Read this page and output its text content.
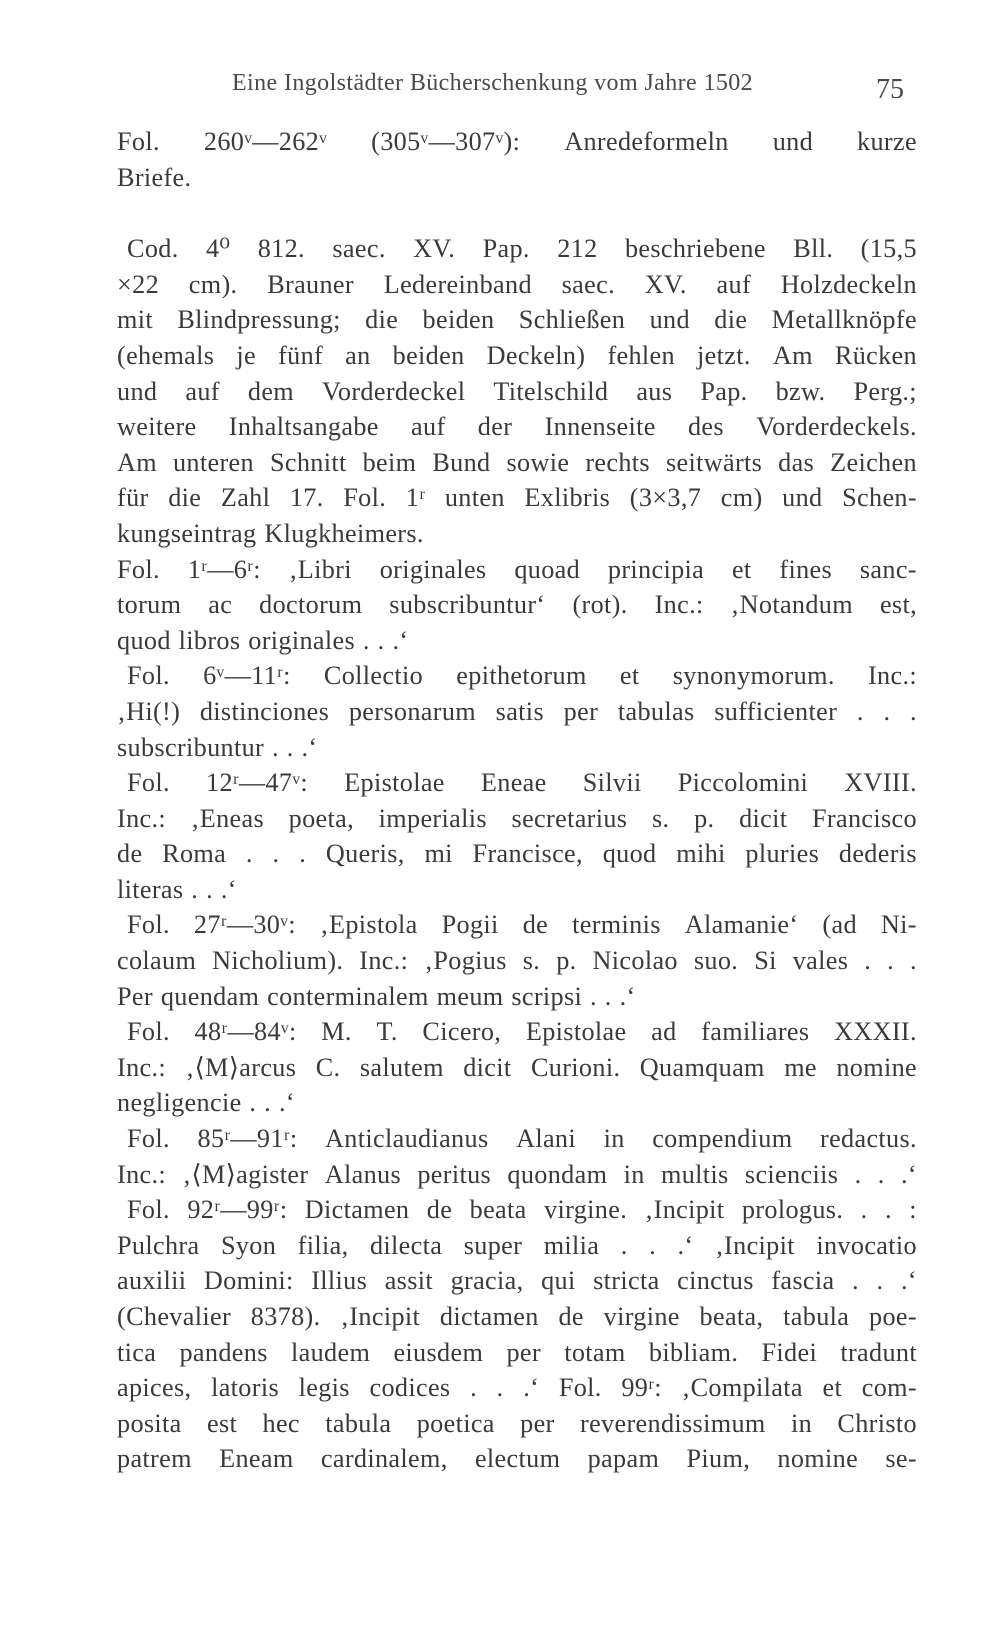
Eine Ingolstädter Bücherschenkung vom Jahre 1502	75
Fol. 260ᵛ—262ᵛ (305ᵛ—307ᵛ): Anredeformeln und kurze
Briefe.
Cod. 4⁰ 812. saec. XV. Pap. 212 beschriebene Bll. (15,5
×22 cm). Brauner Ledereinband saec. XV. auf Holzdeckeln
mit Blindpressung; die beiden Schließen und die Metallknöpfe
(ehemals je fünf an beiden Deckeln) fehlen jetzt. Am Rücken
und auf dem Vorderdeckel Titelschild aus Pap. bzw. Perg.;
weitere Inhaltsangabe auf der Innenseite des Vorderdeckels.
Am unteren Schnitt beim Bund sowie rechts seitwärts das Zeichen
für die Zahl 17. Fol. 1ʳ unten Exlibris (3×3,7 cm) und Schen-
kungseintrag Klugkheimers.
Fol. 1ʳ—6ʳ: ‚Libri originales quoad principia et fines sanc-
torum ac doctorum subscribuntur‘ (rot). Inc.: ‚Notandum est,
quod libros originales . . .‘
Fol. 6ᵛ—11ʳ: Collectio epithetorum et synonymorum. Inc.:
‚Hi(!) distinciones personarum satis per tabulas sufficienter . . .
subscribuntur . . .‘
Fol. 12ʳ—47ᵛ: Epistolae Eneae Silvii Piccolomini XVIII.
Inc.: ‚Eneas poeta, imperialis secretarius s. p. dicit Francisco
de Roma . . . Queris, mi Francisce, quod mihi pluries dederis
literas . . .‘
Fol. 27ʳ—30ᵛ: ‚Epistola Pogii de terminis Alamanie‘ (ad Ni-
colaum Nicholium). Inc.: ‚Pogius s. p. Nicolao suo. Si vales . . .
Per quendam conterminalem meum scripsi . . .‘
Fol. 48ʳ—84ᵛ: M. T. Cicero, Epistolae ad familiares XXXII.
Inc.: ‚⟨M⟩arcus C. salutem dicit Curioni. Quamquam me nomine
negligencie . . .‘
Fol. 85ʳ—91ʳ: Anticlaudianus Alani in compendium redactus.
Inc.: ‚⟨M⟩agister Alanus peritus quondam in multis scienciis . . .‘
Fol. 92ʳ—99ʳ: Dictamen de beata virgine. ‚Incipit prologus. . . :
Pulchra Syon filia, dilecta super milia . . .‘ ‚Incipit invocatio
auxilii Domini: Illius assit gracia, qui stricta cinctus fascia . . .‘
(Chevalier 8378). ‚Incipit dictamen de virgine beata, tabula poe-
tica pandens laudem eiusdem per totam bibliam. Fidei tradunt
apices, latoris legis codices . . .‘ Fol. 99ʳ: ‚Compilata et com-
posita est hec tabula poetica per reverendissimum in Christo
patrem Eneam cardinalem, electum papam Pium, nomine se-
